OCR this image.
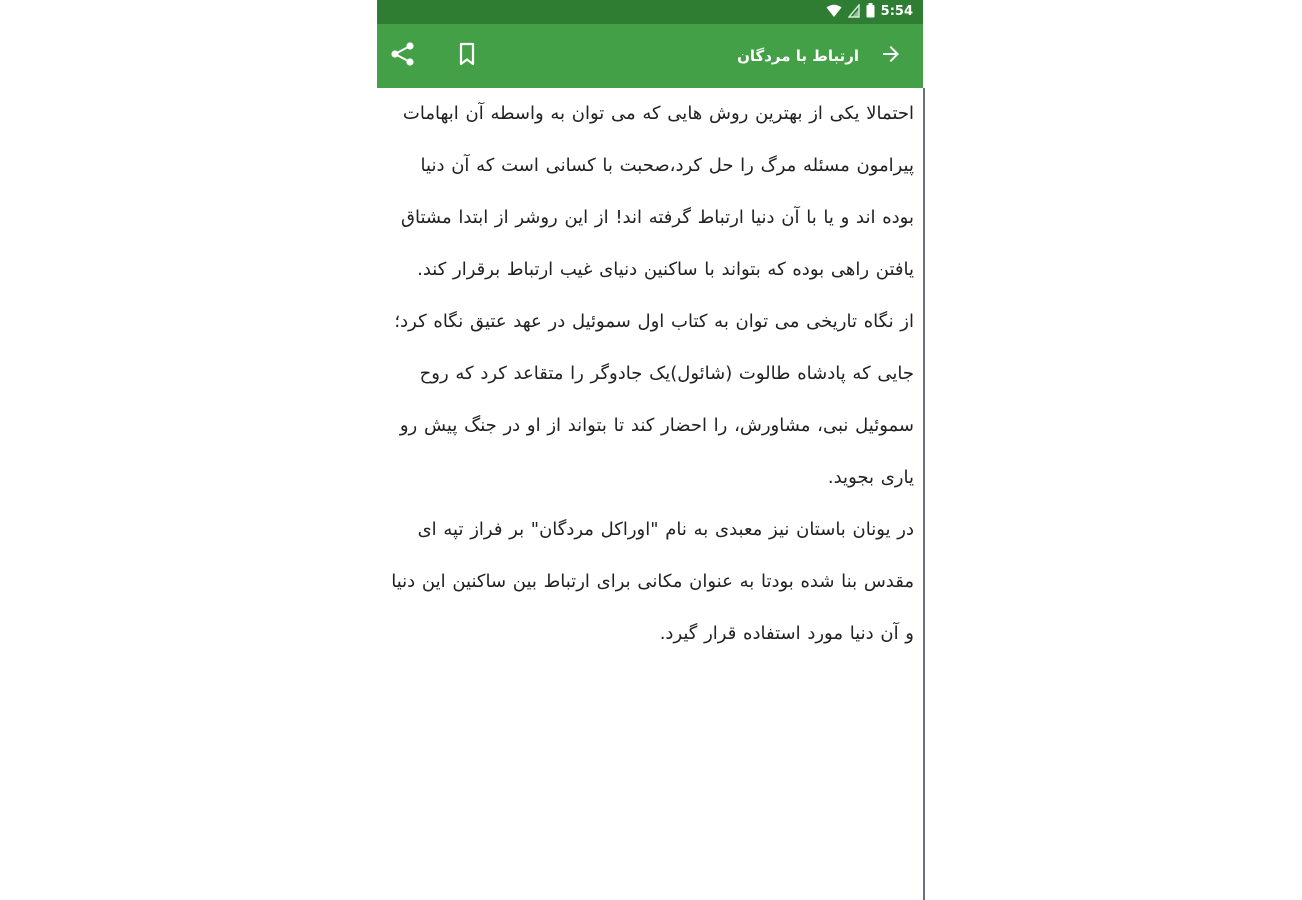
5:54
ارتباط با مردگان

احتمالا یکی از بهترین روش هایی که می توان به واسطه آن ابهامات پیرامون مسئله مرگ را حل کرد،صحبت با کسانی است که آن دنیا بوده اند و یا با آن دنیا ارتباط گرفته اند! از این روشر از ابتدا مشتاق یافتن راهی بوده که بتواند با ساکنین دنیای غیب ارتباط برقرار کند.

از نگاه تاریخی می توان به کتاب اول سموئیل در عهد عتیق نگاه کرد؛ جایی که پادشاه طالوت (شائول)یک جادوگر را متقاعد کرد که روح سموئیل نبی، مشاورش، را احضار کند تا بتواند از او در جنگ پیش رو یاری بجوید.

در یونان باستان نیز معبدی به نام "اوراکل مردگان" بر فراز تپه ای مقدس بنا شده بودتا به عنوان مکانی برای ارتباط بین ساکنین این دنیا و آن دنیا مورد استفاده قرار گیرد.
